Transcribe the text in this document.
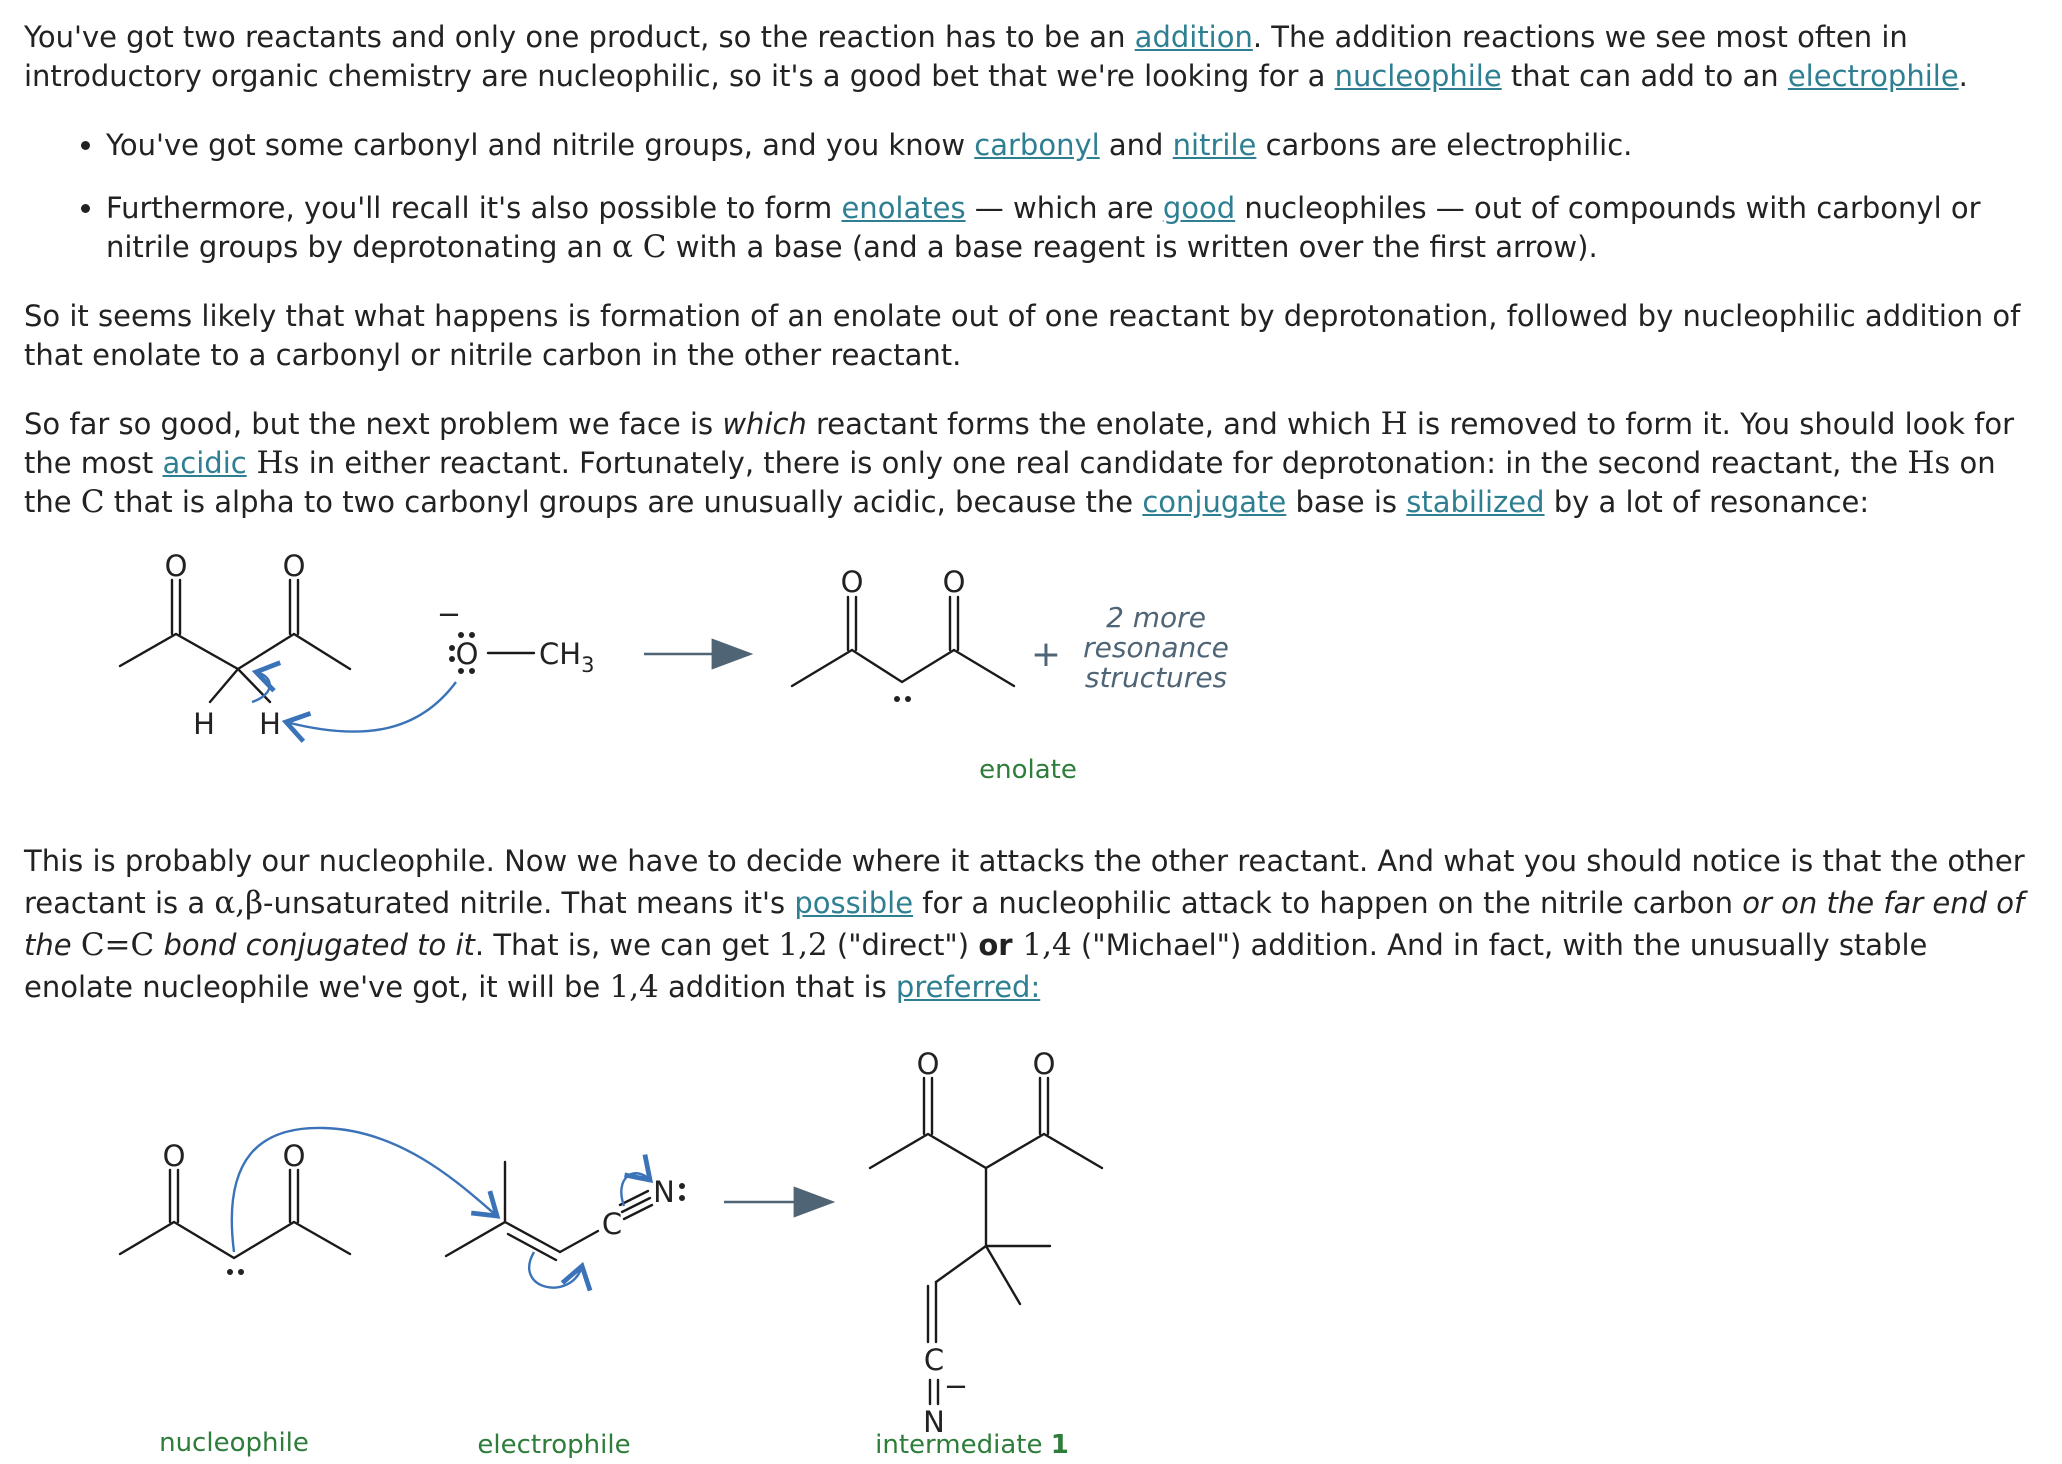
You've got two reactants and only one product, so the reaction has to be an addition. The addition reactions we see most often in introductory organic chemistry are nucleophilic, so it's a good bet that we're looking for a nucleophile that can add to an electrophile.

• You've got some carbonyl and nitrile groups, and you know carbonyl and nitrile carbons are electrophilic.
• Furthermore, you'll recall it's also possible to form enolates — which are good nucleophiles — out of compounds with carbonyl or nitrile groups by deprotonating an α C with a base (and a base reagent is written over the first arrow).

So it seems likely that what happens is formation of an enolate out of one reactant by deprotonation, followed by nucleophilic addition of that enolate to a carbonyl or nitrile carbon in the other reactant.

So far so good, but the next problem we face is which reactant forms the enolate, and which H is removed to form it. You should look for the most acidic Hs in either reactant. Fortunately, there is only one real candidate for deprotonation: in the second reactant, the Hs on the C that is alpha to two carbonyl groups are unusually acidic, because the conjugate base is stabilized by a lot of resonance:

O	O
H H
−
O $CH_3$
O	O
+
2 more
resonance
structures
enolate

This is probably our nucleophile. Now we have to decide where it attacks the other reactant. And what you should notice is that the other reactant is a α,β-unsaturated nitrile. That means it's possible for a nucleophilic attack to happen on the nitrile carbon or on the far end of the C=C bond conjugated to it. That is, we can get 1,2 ("direct") or 1,4 ("Michael") addition. And in fact, with the unusually stable enolate nucleophile we've got, it will be 1,4 addition that is preferred:

O	O
C
N
O	O
C
−
N
nucleophile	electrophile	intermediate 1
